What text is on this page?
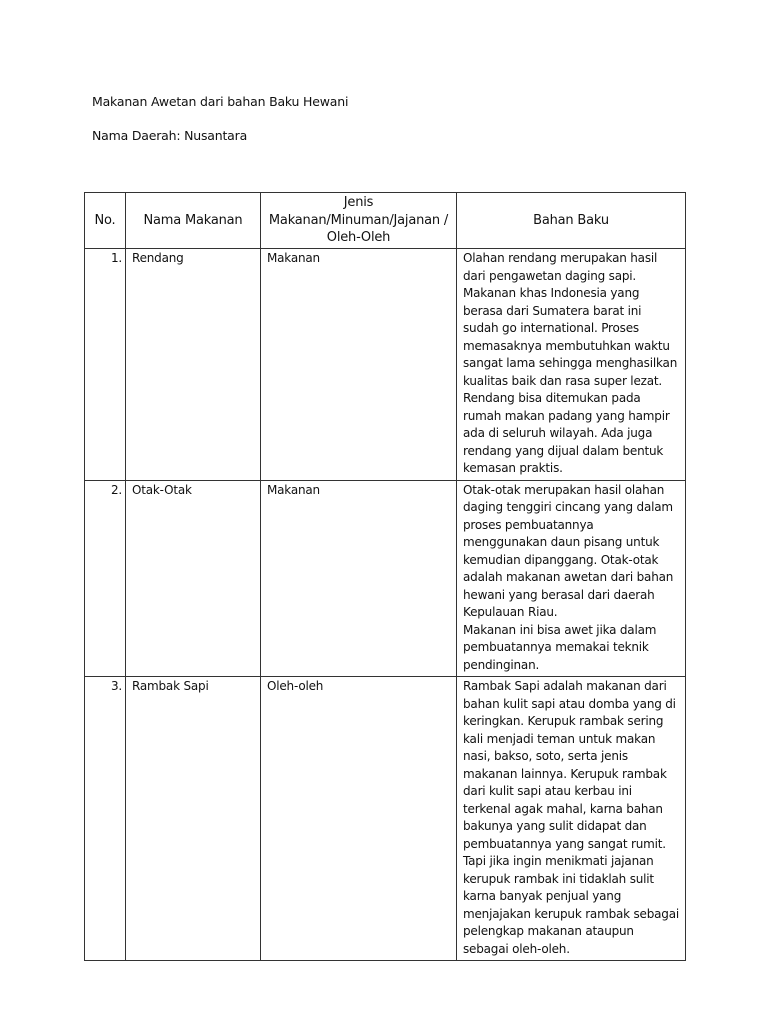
Makanan Awetan dari bahan Baku Hewani
Nama Daerah: Nusantara
No.	Nama Makanan	Jenis Makanan/Minuman/Jajanan / Oleh-Oleh	Bahan Baku
1.	Rendang	Makanan	Olahan rendang merupakan hasil dari pengawetan daging sapi. Makanan khas Indonesia yang berasa dari Sumatera barat ini sudah go international. Proses memasaknya membutuhkan waktu sangat lama sehingga menghasilkan kualitas baik dan rasa super lezat.

Rendang bisa ditemukan pada rumah makan padang yang hampir ada di seluruh wilayah. Ada juga rendang yang dijual dalam bentuk kemasan praktis.

2.	Otak-Otak	Makanan	Otak-otak merupakan hasil olahan daging tenggiri cincang yang dalam proses pembuatannya menggunakan daun pisang untuk kemudian dipanggang. Otak-otak adalah makanan awetan dari bahan hewani yang berasal dari daerah Kepulauan Riau.

Makanan ini bisa awet jika dalam pembuatannya memakai teknik pendinginan.

3.	Rambak Sapi	Oleh-oleh	Rambak Sapi adalah makanan dari bahan kulit sapi atau domba yang di keringkan. Kerupuk rambak sering kali menjadi teman untuk makan nasi, bakso, soto, serta jenis makanan lainnya. Kerupuk rambak dari kulit sapi atau kerbau ini terkenal agak mahal, karna bahan bakunya yang sulit didapat dan pembuatannya yang sangat rumit. Tapi jika ingin menikmati jajanan kerupuk rambak ini tidaklah sulit karna banyak penjual yang menjajakan kerupuk rambak sebagai pelengkap makanan ataupun sebagai oleh-oleh.
